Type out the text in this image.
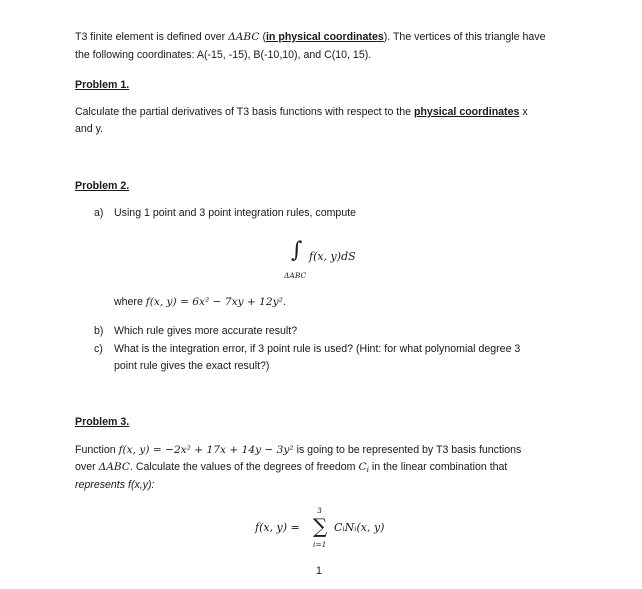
T3 finite element is defined over ΔABC (in physical coordinates). The vertices of this triangle have
the following coordinates: A(-15, -15), B(-10,10), and C(10, 15).
Problem 1.
Calculate the partial derivatives of T3 basis functions with respect to the physical coordinates x
and y.
Problem 2.
a) Using 1 point and 3 point integration rules, compute
∫
ΔABC
f(x, y)dS
where f(x, y) = 6x² − 7xy + 12y².
b) Which rule gives more accurate result?
c) What is the integration error, if 3 point rule is used? (Hint: for what polynomial degree 3
point rule gives the exact result?)
Problem 3.
Function f(x, y) = −2x² + 17x + 14y − 3y² is going to be represented by T3 basis functions
over ΔABC. Calculate the values of the degrees of freedom Ci in the linear combination that
represents f(x,y):
f(x, y) =
3
∑
i=1
CᵢNᵢ(x, y)
1
